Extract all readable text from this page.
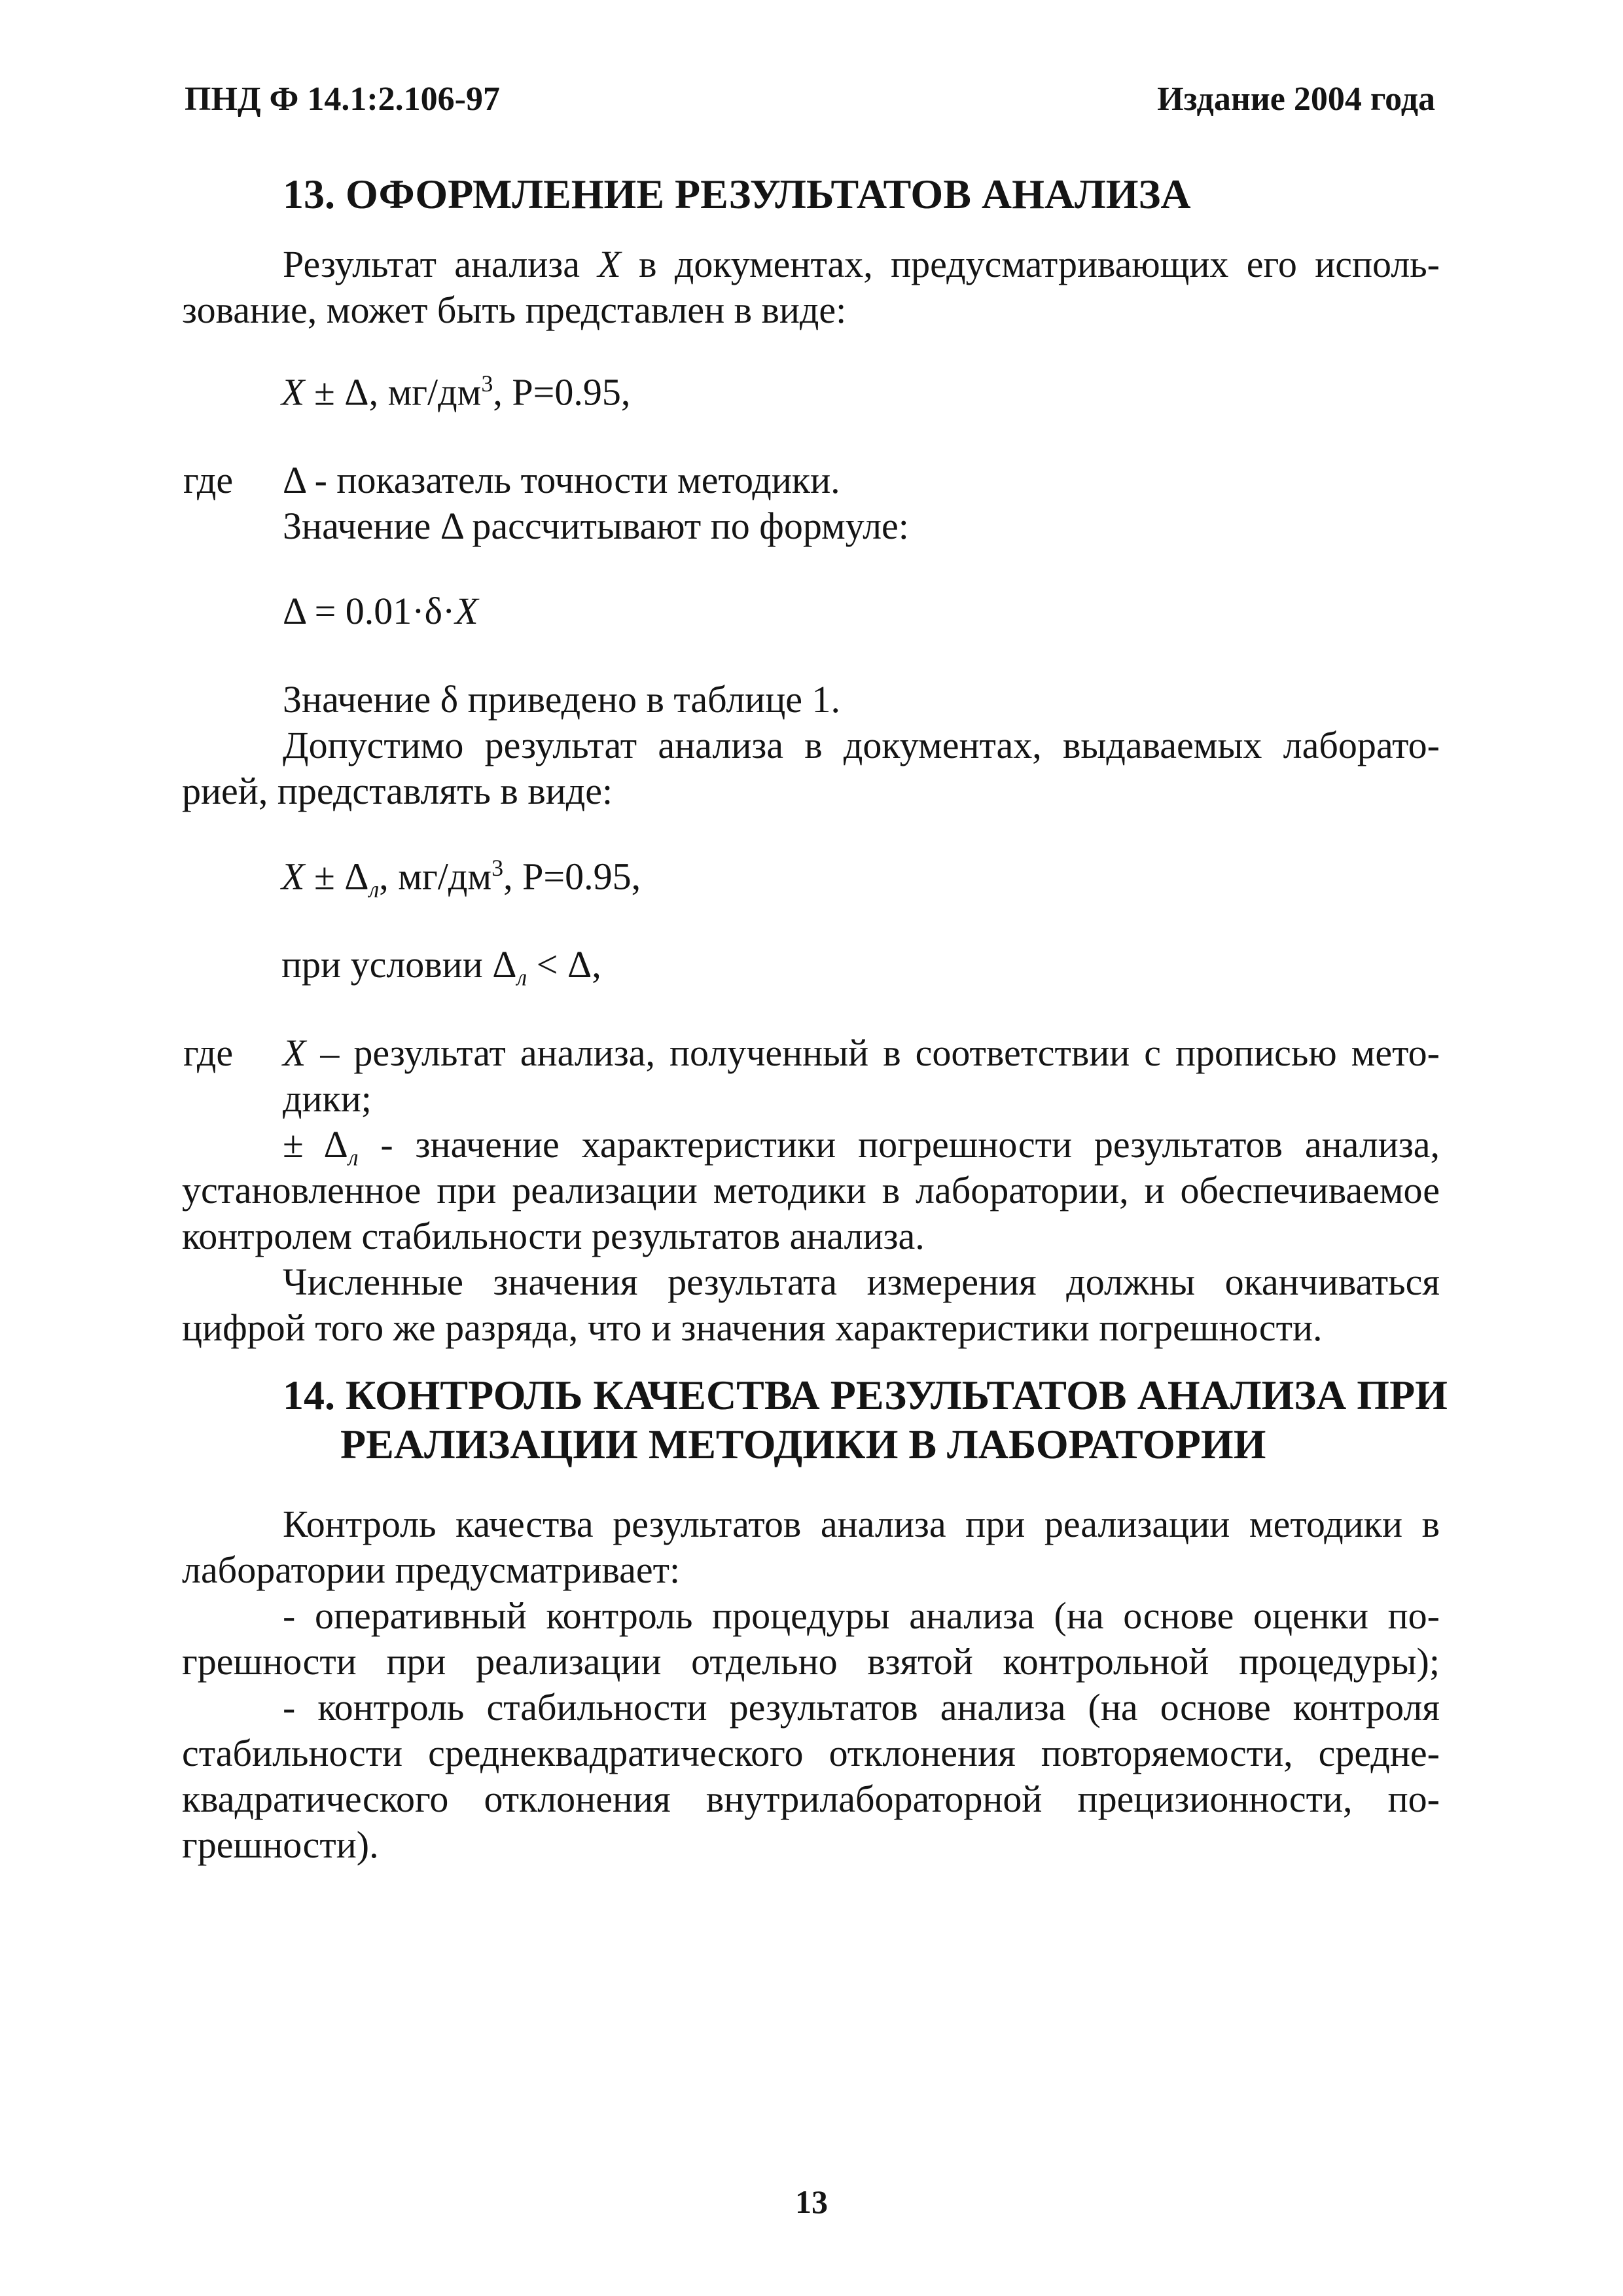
ПНД Ф 14.1:2.106-97	Издание 2004 года
13. ОФОРМЛЕНИЕ РЕЗУЛЬТАТОВ АНАЛИЗА
Результат анализа X в документах, предусматривающих его исполь-
зование, может быть представлен в виде:
X ± Δ, $мг/дм^3$, P=0.95,
где Δ - показатель точности методики.
Значение Δ рассчитывают по формуле:
Δ = 0.01·δ·X
Значение δ приведено в таблице 1.
Допустимо результат анализа в документах, выдаваемых лаборато-
рией, представлять в виде:
$X \pm \Delta_л$, $мг/дм^3$, P=0.95,
при условии $\Delta_л < \Delta$,
где X – результат анализа, полученный в соответствии с прописью мето-
дики;
± $\Delta_л$ - значение характеристики погрешности результатов анализа,
установленное при реализации методики в лаборатории, и обеспечиваемое
контролем стабильности результатов анализа.
Численные значения результата измерения должны оканчиваться
цифрой того же разряда, что и значения характеристики погрешности.
14. КОНТРОЛЬ КАЧЕСТВА РЕЗУЛЬТАТОВ АНАЛИЗА ПРИ
РЕАЛИЗАЦИИ МЕТОДИКИ В ЛАБОРАТОРИИ
Контроль качества результатов анализа при реализации методики в
лаборатории предусматривает:
- оперативный контроль процедуры анализа (на основе оценки по-
грешности при реализации отдельно взятой контрольной процедуры);
- контроль стабильности результатов анализа (на основе контроля
стабильности среднеквадратического отклонения повторяемости, средне-
квадратического отклонения внутрилабораторной прецизионности, по-
грешности).
13
